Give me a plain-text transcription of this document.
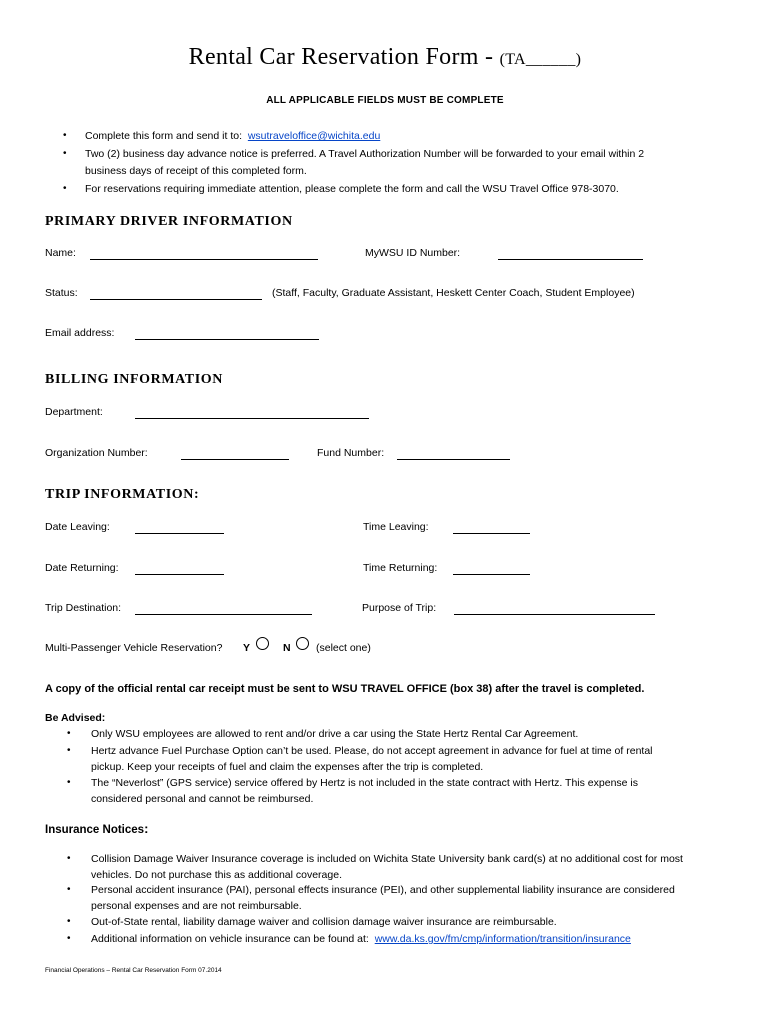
Rental Car Reservation Form - (TA______)
ALL APPLICABLE FIELDS MUST BE COMPLETE
• Complete this form and send it to: wsutraveloffice@wichita.edu
• Two (2) business day advance notice is preferred. A Travel Authorization Number will be forwarded to your email within 2
business days of receipt of this completed form.
• For reservations requiring immediate attention, please complete the form and call the WSU Travel Office 978-3070.
PRIMARY DRIVER INFORMATION
Name:	MyWSU ID Number:
Status:	(Staff, Faculty, Graduate Assistant, Heskett Center Coach, Student Employee)
Email address:
BILLING INFORMATION
Department:
Organization Number:	Fund Number:
TRIP INFORMATION:
Date Leaving:	Time Leaving:
Date Returning:	Time Returning:
Trip Destination:	Purpose of Trip:
Multi-Passenger Vehicle Reservation? Y	N (select one)
A copy of the official rental car receipt must be sent to WSU TRAVEL OFFICE (box 38) after the travel is completed.
Be Advised:
• Only WSU employees are allowed to rent and/or drive a car using the State Hertz Rental Car Agreement.
• Hertz advance Fuel Purchase Option can’t be used. Please, do not accept agreement in advance for fuel at time of rental
pickup. Keep your receipts of fuel and claim the expenses after the trip is completed.
• The “Neverlost” (GPS service) service offered by Hertz is not included in the state contract with Hertz. This expense is
considered personal and cannot be reimbursed.
Insurance Notices:
• Collision Damage Waiver Insurance coverage is included on Wichita State University bank card(s) at no additional cost for most
vehicles. Do not purchase this as additional coverage.
• Personal accident insurance (PAI), personal effects insurance (PEI), and other supplemental liability insurance are considered
personal expenses and are not reimbursable.
• Out-of-State rental, liability damage waiver and collision damage waiver insurance are reimbursable.
• Additional information on vehicle insurance can be found at: www.da.ks.gov/fm/cmp/information/transition/insurance
Financial Operations – Rental Car Reservation Form 07.2014
